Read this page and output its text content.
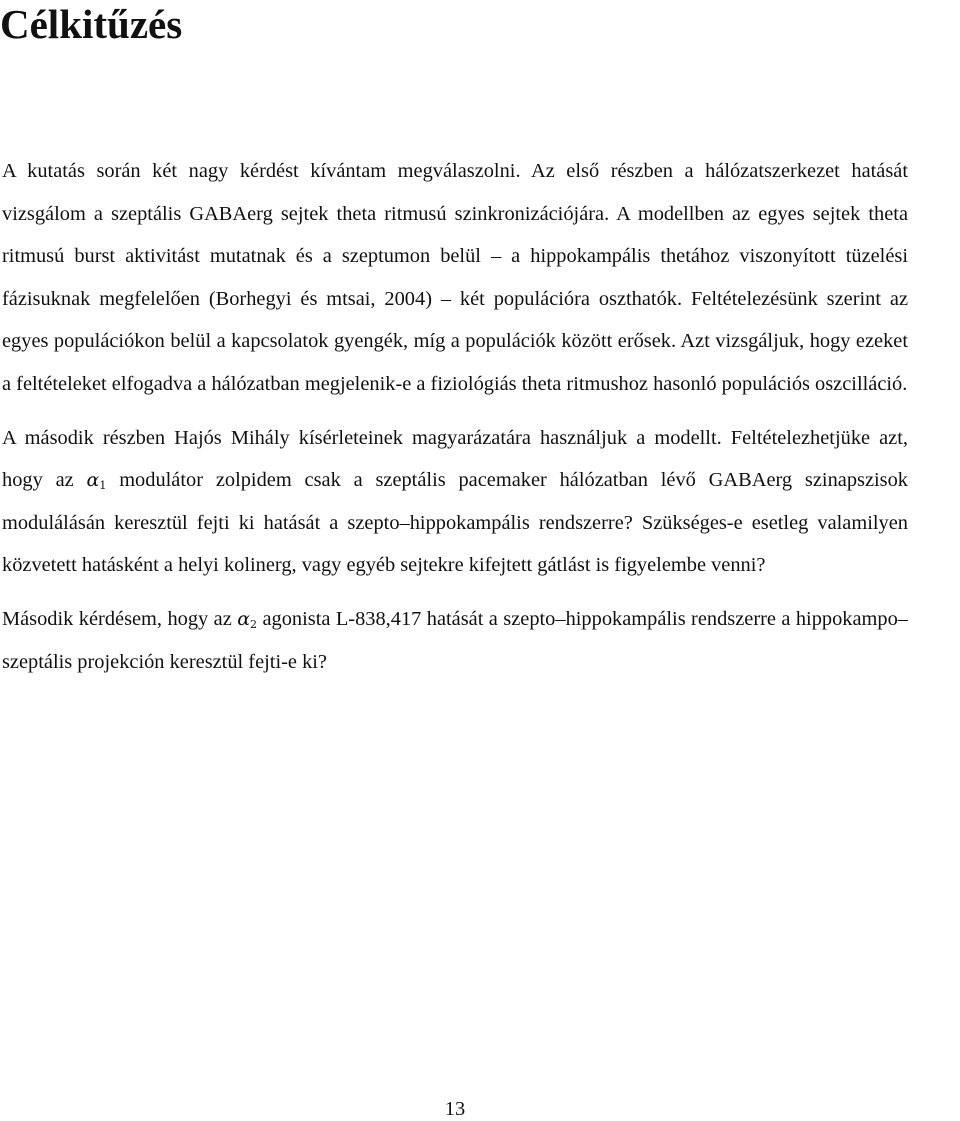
Célkitűzés

A kutatás során két nagy kérdést kívántam megválaszolni. Az első részben a hálózatszerkezet hatását vizsgálom a szeptális GABAerg sejtek theta ritmusú szinkronizációjára. A modellben az egyes sejtek theta ritmusú burst aktivitást mutatnak és a szeptumon belül – a hippokampális thetához viszonyított tüzelési fázisuknak megfelelően (Borhegyi és mtsai, 2004) – két populációra oszthatók. Feltételezésünk szerint az egyes populációkon belül a kapcsolatok gyengék, míg a populációk között erősek. Azt vizsgáljuk, hogy ezeket a feltételeket elfogadva a hálózatban megjelenik-e a fiziológiás theta ritmushoz hasonló populációs oszcilláció.

A második részben Hajós Mihály kísérleteinek magyarázatára használjuk a modellt. Feltételezhetjüke azt, hogy az $\alpha_1$ modulátor zolpidem csak a szeptális pacemaker hálózatban lévő GABAerg szinapszisok modulálásán keresztül fejti ki hatását a szepto–hippokampális rendszerre? Szükséges-e esetleg valamilyen közvetett hatásként a helyi kolinerg, vagy egyéb sejtekre kifejtett gátlást is figyelembe venni?

Második kérdésem, hogy az $\alpha_2$ agonista L-838,417 hatását a szepto–hippokampális rendszerre a hippokampo–szeptális projekción keresztül fejti-e ki?

13
